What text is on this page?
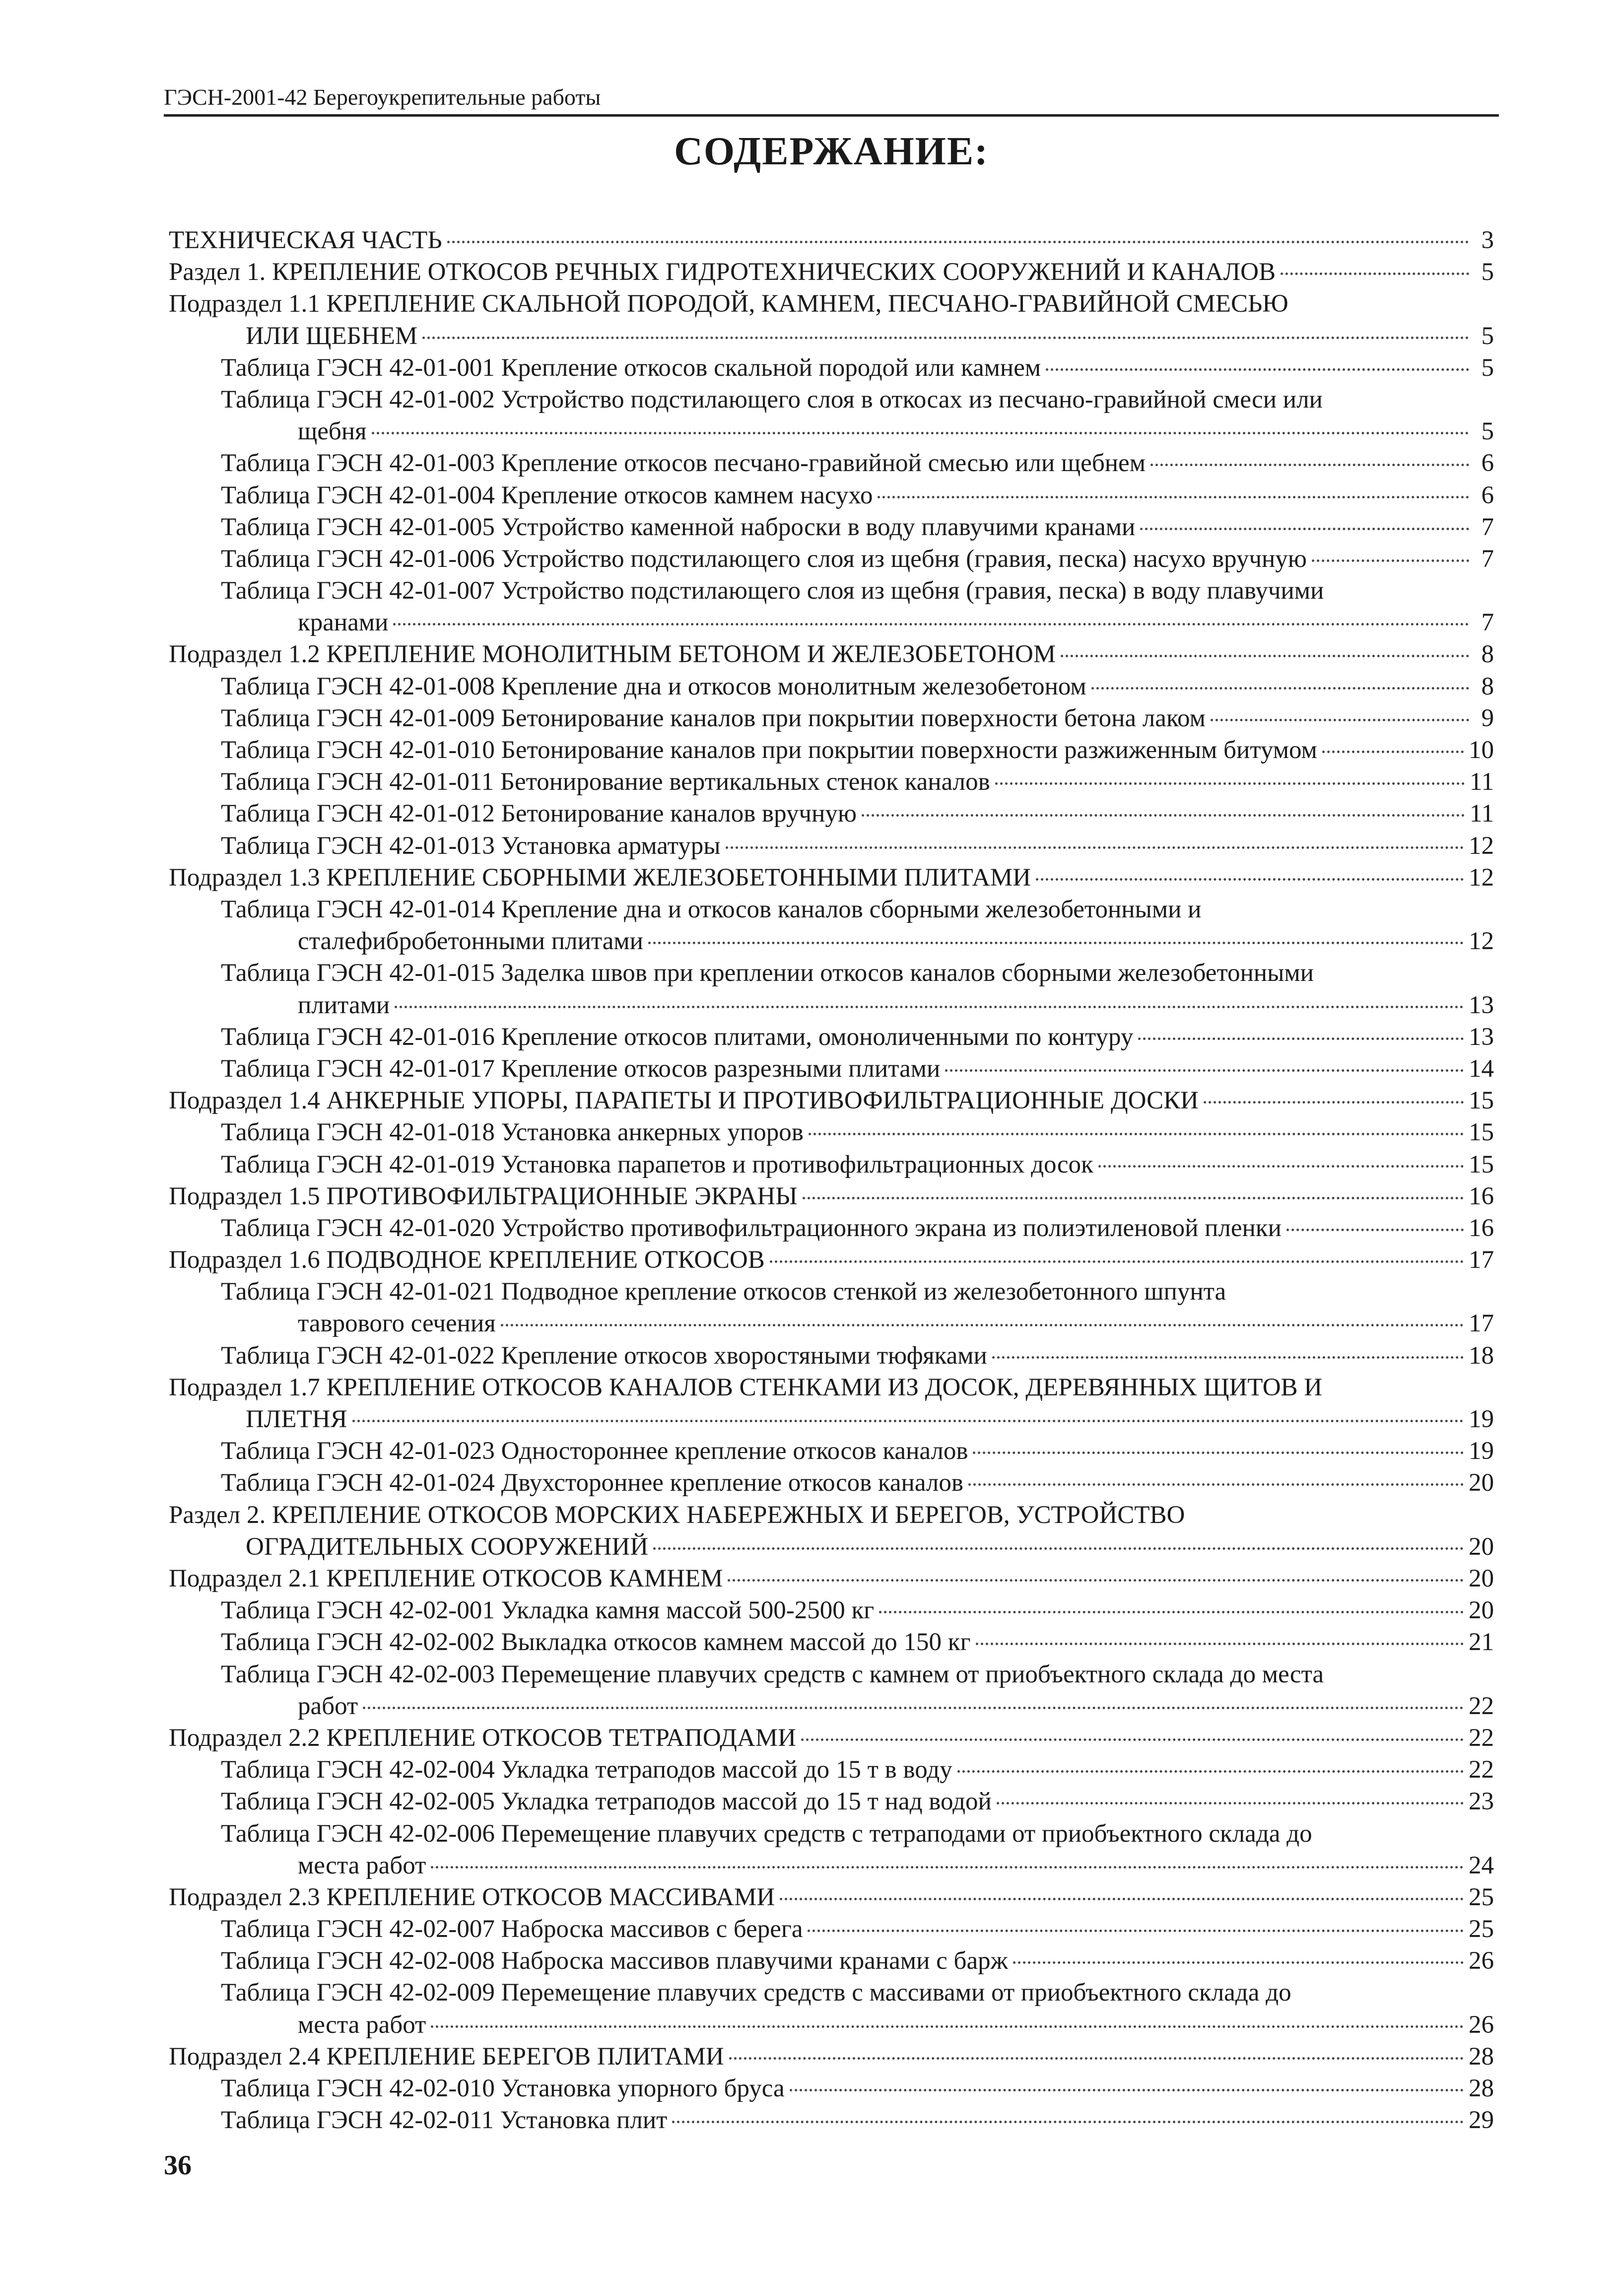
ГЭСН-2001-42 Берегоукрепительные работы
СОДЕРЖАНИЕ:
ТЕХНИЧЕСКАЯ ЧАСТЬ	3
Раздел 1. КРЕПЛЕНИЕ ОТКОСОВ РЕЧНЫХ ГИДРОТЕХНИЧЕСКИХ СООРУЖЕНИЙ И КАНАЛОВ	5
Подраздел 1.1 КРЕПЛЕНИЕ СКАЛЬНОЙ ПОРОДОЙ, КАМНЕМ, ПЕСЧАНО-ГРАВИЙНОЙ СМЕСЬЮ
ИЛИ ЩЕБНЕМ	5
Таблица ГЭСН 42-01-001 Крепление откосов скальной породой или камнем	5
Таблица ГЭСН 42-01-002 Устройство подстилающего слоя в откосах из песчано-гравийной смеси или
щебня	5
Таблица ГЭСН 42-01-003 Крепление откосов песчано-гравийной смесью или щебнем	6
Таблица ГЭСН 42-01-004 Крепление откосов камнем насухо	6
Таблица ГЭСН 42-01-005 Устройство каменной наброски в воду плавучими кранами	7
Таблица ГЭСН 42-01-006 Устройство подстилающего слоя из щебня (гравия, песка) насухо вручную	7
Таблица ГЭСН 42-01-007 Устройство подстилающего слоя из щебня (гравия, песка) в воду плавучими
кранами	7
Подраздел 1.2 КРЕПЛЕНИЕ МОНОЛИТНЫМ БЕТОНОМ И ЖЕЛЕЗОБЕТОНОМ	8
Таблица ГЭСН 42-01-008 Крепление дна и откосов монолитным железобетоном	8
Таблица ГЭСН 42-01-009 Бетонирование каналов при покрытии поверхности бетона лаком	9
Таблица ГЭСН 42-01-010 Бетонирование каналов при покрытии поверхности разжиженным битумом	10
Таблица ГЭСН 42-01-011 Бетонирование вертикальных стенок каналов	11
Таблица ГЭСН 42-01-012 Бетонирование каналов вручную	11
Таблица ГЭСН 42-01-013 Установка арматуры	12
Подраздел 1.3 КРЕПЛЕНИЕ СБОРНЫМИ ЖЕЛЕЗОБЕТОННЫМИ ПЛИТАМИ	12
Таблица ГЭСН 42-01-014 Крепление дна и откосов каналов сборными железобетонными и
сталефибробетонными плитами	12
Таблица ГЭСН 42-01-015 Заделка швов при креплении откосов каналов сборными железобетонными
плитами	13
Таблица ГЭСН 42-01-016 Крепление откосов плитами, омоноличенными по контуру	13
Таблица ГЭСН 42-01-017 Крепление откосов разрезными плитами	14
Подраздел 1.4 АНКЕРНЫЕ УПОРЫ, ПАРАПЕТЫ И ПРОТИВОФИЛЬТРАЦИОННЫЕ ДОСКИ	15
Таблица ГЭСН 42-01-018 Установка анкерных упоров	15
Таблица ГЭСН 42-01-019 Установка парапетов и противофильтрационных досок	15
Подраздел 1.5 ПРОТИВОФИЛЬТРАЦИОННЫЕ ЭКРАНЫ	16
Таблица ГЭСН 42-01-020 Устройство противофильтрационного экрана из полиэтиленовой пленки	16
Подраздел 1.6 ПОДВОДНОЕ КРЕПЛЕНИЕ ОТКОСОВ	17
Таблица ГЭСН 42-01-021 Подводное крепление откосов стенкой из железобетонного шпунта
таврового сечения	17
Таблица ГЭСН 42-01-022 Крепление откосов хворостяными тюфяками	18
Подраздел 1.7 КРЕПЛЕНИЕ ОТКОСОВ КАНАЛОВ СТЕНКАМИ ИЗ ДОСОК, ДЕРЕВЯННЫХ ЩИТОВ И
ПЛЕТНЯ	19
Таблица ГЭСН 42-01-023 Одностороннее крепление откосов каналов	19
Таблица ГЭСН 42-01-024 Двухстороннее крепление откосов каналов	20
Раздел 2. КРЕПЛЕНИЕ ОТКОСОВ МОРСКИХ НАБЕРЕЖНЫХ И БЕРЕГОВ, УСТРОЙСТВО
ОГРАДИТЕЛЬНЫХ СООРУЖЕНИЙ	20
Подраздел 2.1 КРЕПЛЕНИЕ ОТКОСОВ КАМНЕМ	20
Таблица ГЭСН 42-02-001 Укладка камня массой 500-2500 кг	20
Таблица ГЭСН 42-02-002 Выкладка откосов камнем массой до 150 кг	21
Таблица ГЭСН 42-02-003 Перемещение плавучих средств с камнем от приобъектного склада до места
работ	22
Подраздел 2.2 КРЕПЛЕНИЕ ОТКОСОВ ТЕТРАПОДАМИ	22
Таблица ГЭСН 42-02-004 Укладка тетраподов массой до 15 т в воду	22
Таблица ГЭСН 42-02-005 Укладка тетраподов массой до 15 т над водой	23
Таблица ГЭСН 42-02-006 Перемещение плавучих средств с тетраподами от приобъектного склада до
места работ	24
Подраздел 2.3 КРЕПЛЕНИЕ ОТКОСОВ МАССИВАМИ	25
Таблица ГЭСН 42-02-007 Наброска массивов с берега	25
Таблица ГЭСН 42-02-008 Наброска массивов плавучими кранами с барж	26
Таблица ГЭСН 42-02-009 Перемещение плавучих средств с массивами от приобъектного склада до
места работ	26
Подраздел 2.4 КРЕПЛЕНИЕ БЕРЕГОВ ПЛИТАМИ	28
Таблица ГЭСН 42-02-010 Установка упорного бруса	28
Таблица ГЭСН 42-02-011 Установка плит	29
36
